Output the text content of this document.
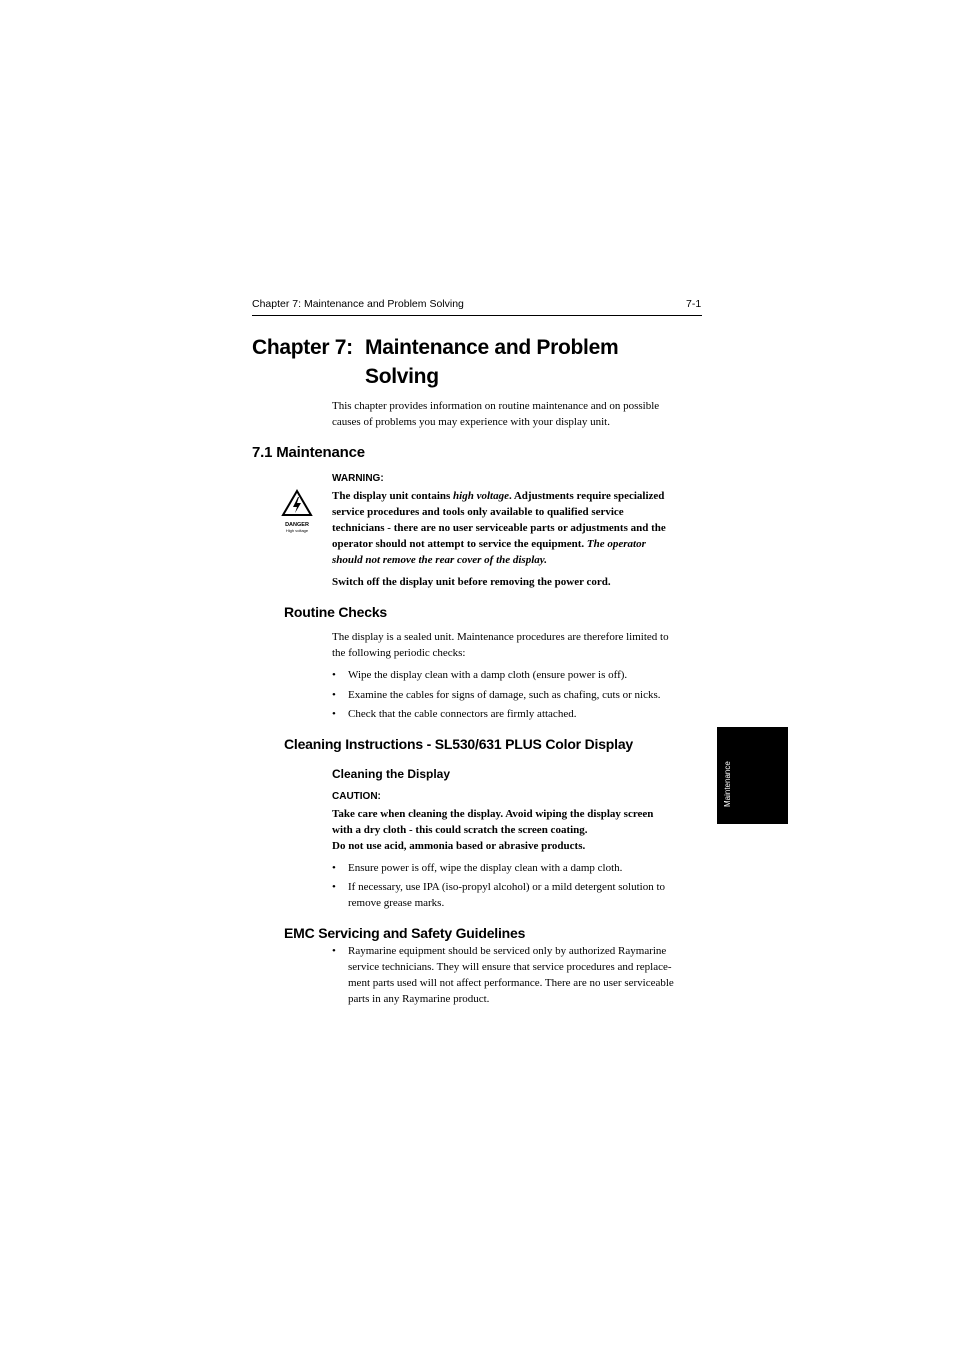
Chapter 7: Maintenance and Problem Solving	7-1
Chapter 7: Maintenance and Problem
Solving
This chapter provides information on routine maintenance and on possible
causes of problems you may experience with your display unit.
7.1 Maintenance
WARNING:
DANGER
High voltage
The display unit contains high voltage. Adjustments require specialized
service procedures and tools only available to qualified service
technicians - there are no user serviceable parts or adjustments and the
operator should not attempt to service the equipment. The operator
should not remove the rear cover of the display.
Switch off the display unit before removing the power cord.
Routine Checks
The display is a sealed unit. Maintenance procedures are therefore limited to
the following periodic checks:
• Wipe the display clean with a damp cloth (ensure power is off).
• Examine the cables for signs of damage, such as chafing, cuts or nicks.
• Check that the cable connectors are firmly attached.
Cleaning Instructions - SL530/631 PLUS Color Display
Cleaning the Display
CAUTION:
Take care when cleaning the display. Avoid wiping the display screen
with a dry cloth - this could scratch the screen coating.
Do not use acid, ammonia based or abrasive products.
• Ensure power is off, wipe the display clean with a damp cloth.
• If necessary, use IPA (iso-propyl alcohol) or a mild detergent solution to
remove grease marks.
EMC Servicing and Safety Guidelines
• Raymarine equipment should be serviced only by authorized Raymarine
service technicians. They will ensure that service procedures and replace-
ment parts used will not affect performance. There are no user serviceable
parts in any Raymarine product.
Maintenance
